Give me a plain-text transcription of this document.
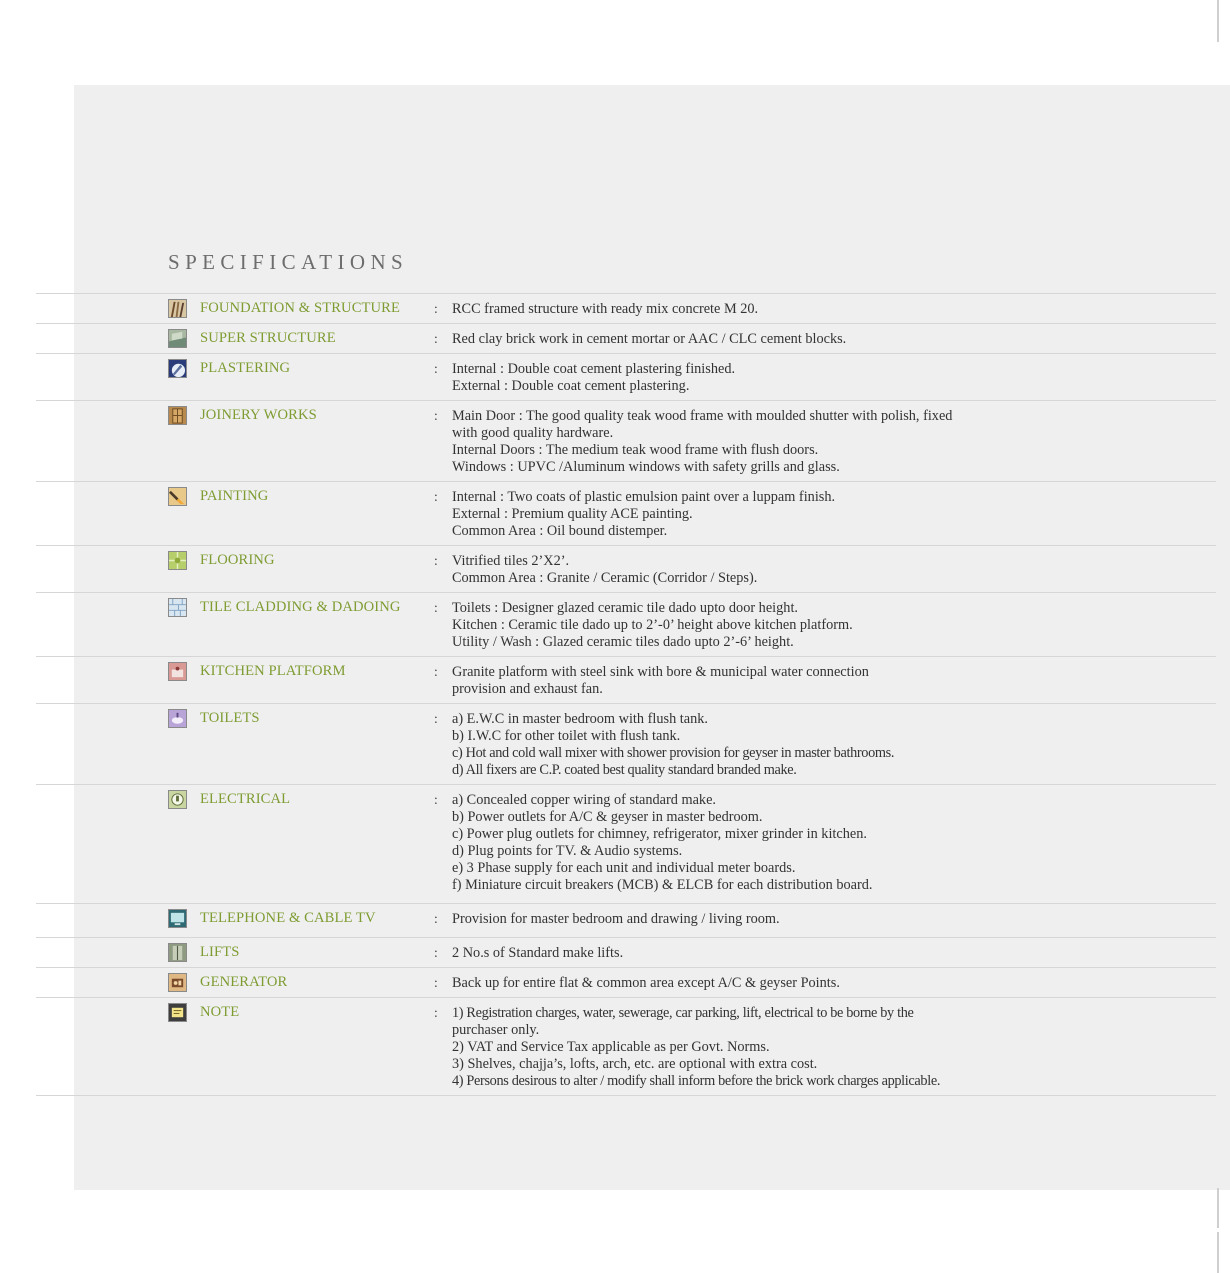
SPECIFICATIONS
FOUNDATION & STRUCTURE	: RCC framed structure with ready mix concrete M 20.
SUPER STRUCTURE	: Red clay brick work in cement mortar or AAC / CLC cement blocks.
PLASTERING	: Internal : Double coat cement plastering finished.
External : Double coat cement plastering.
JOINERY WORKS	: Main Door : The good quality teak wood frame with moulded shutter with polish, fixed
with good quality hardware.
Internal Doors : The medium teak wood frame with flush doors.
Windows : UPVC /Aluminum windows with safety grills and glass.
PAINTING	: Internal : Two coats of plastic emulsion paint over a luppam finish.
External : Premium quality ACE painting.
Common Area : Oil bound distemper.
FLOORING	: Vitrified tiles 2’X2’.
Common Area : Granite / Ceramic (Corridor / Steps).
TILE CLADDING & DADOING : Toilets : Designer glazed ceramic tile dado upto door height.
Kitchen : Ceramic tile dado up to 2’-0’ height above kitchen platform.
Utility / Wash : Glazed ceramic tiles dado upto 2’-6’ height.
KITCHEN PLATFORM	: Granite platform with steel sink with bore & municipal water connection
provision and exhaust fan.
TOILETS	: a) E.W.C in master bedroom with flush tank.
b) I.W.C for other toilet with flush tank.
c) Hot and cold wall mixer with shower provision for geyser in master bathrooms.
d) All fixers are C.P. coated best quality standard branded make.
ELECTRICAL	: a) Concealed copper wiring of standard make.
b) Power outlets for A/C & geyser in master bedroom.
c) Power plug outlets for chimney, refrigerator, mixer grinder in kitchen.
d) Plug points for TV. & Audio systems.
e) 3 Phase supply for each unit and individual meter boards.
f) Miniature circuit breakers (MCB) & ELCB for each distribution board.
TELEPHONE & CABLE TV	: Provision for master bedroom and drawing / living room.
LIFTS	: 2 No.s of Standard make lifts.
GENERATOR	: Back up for entire flat & common area except A/C & geyser Points.
NOTE	: 1) Registration charges, water, sewerage, car parking, lift, electrical to be borne by the
purchaser only.
2) VAT and Service Tax applicable as per Govt. Norms.
3) Shelves, chajja’s, lofts, arch, etc. are optional with extra cost.
4) Persons desirous to alter / modify shall inform before the brick work charges applicable.
